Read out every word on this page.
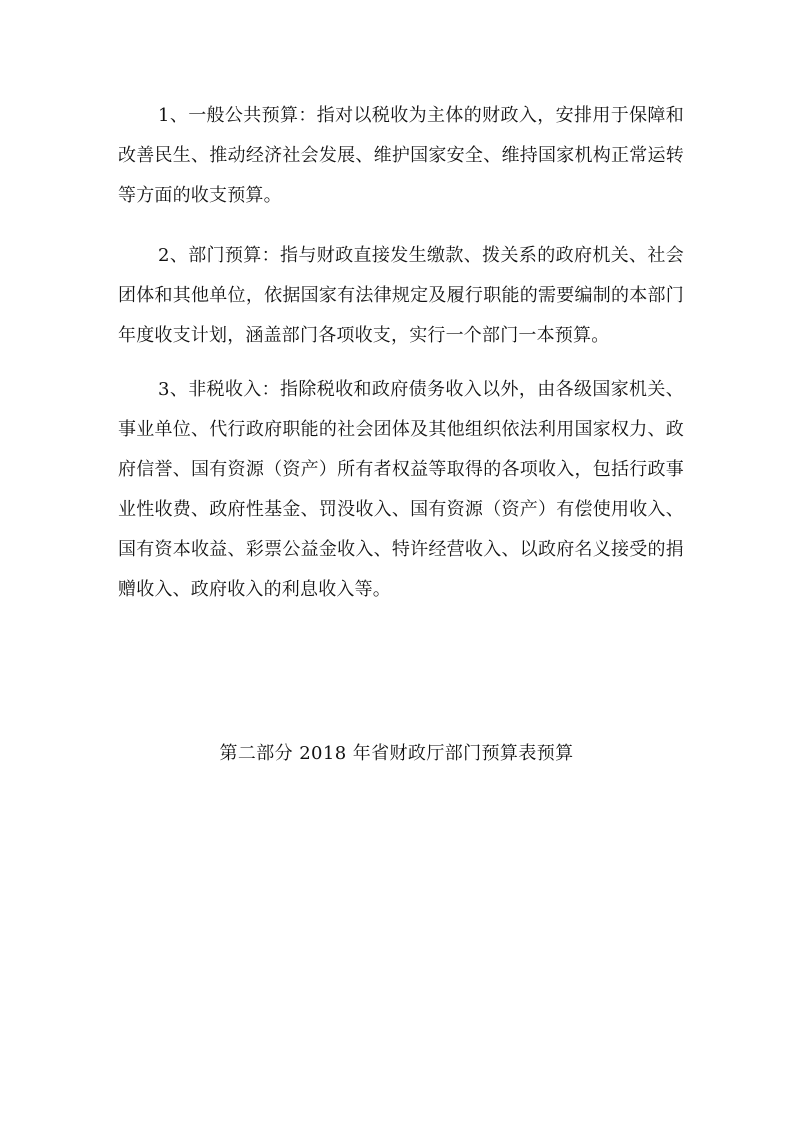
1、一般公共预算：指对以税收为主体的财政入，安排用于保障和改善民生、推动经济社会发展、维护国家安全、维持国家机构正常运转 等方面的收支预算。

2、部门预算：指与财政直接发生缴款、拨关系的政府机关、社会团体和其他单位，依据国家有法律规定及履行职能的需要编制的本部门年度收支计划，涵盖部门各项收支，实行一个部门一本预算。

3、非税收入：指除税收和政府债务收入以外，由各级国家机关、事业单位、代行政府职能的社会团体及其他组织依法利用国家权力、政府信誉、国有资源（资产）所有者权益等取得的各项收入，包括行政事业性收费、政府性基金、罚没收入、国有资源（资产）有偿使用收入、国有资本收益、彩票公益金收入、特许经营收入、以政府名义接受的捐赠收入、政府收入的利息收入等。

第二部分 2018 年省财政厅部门预算表预算
